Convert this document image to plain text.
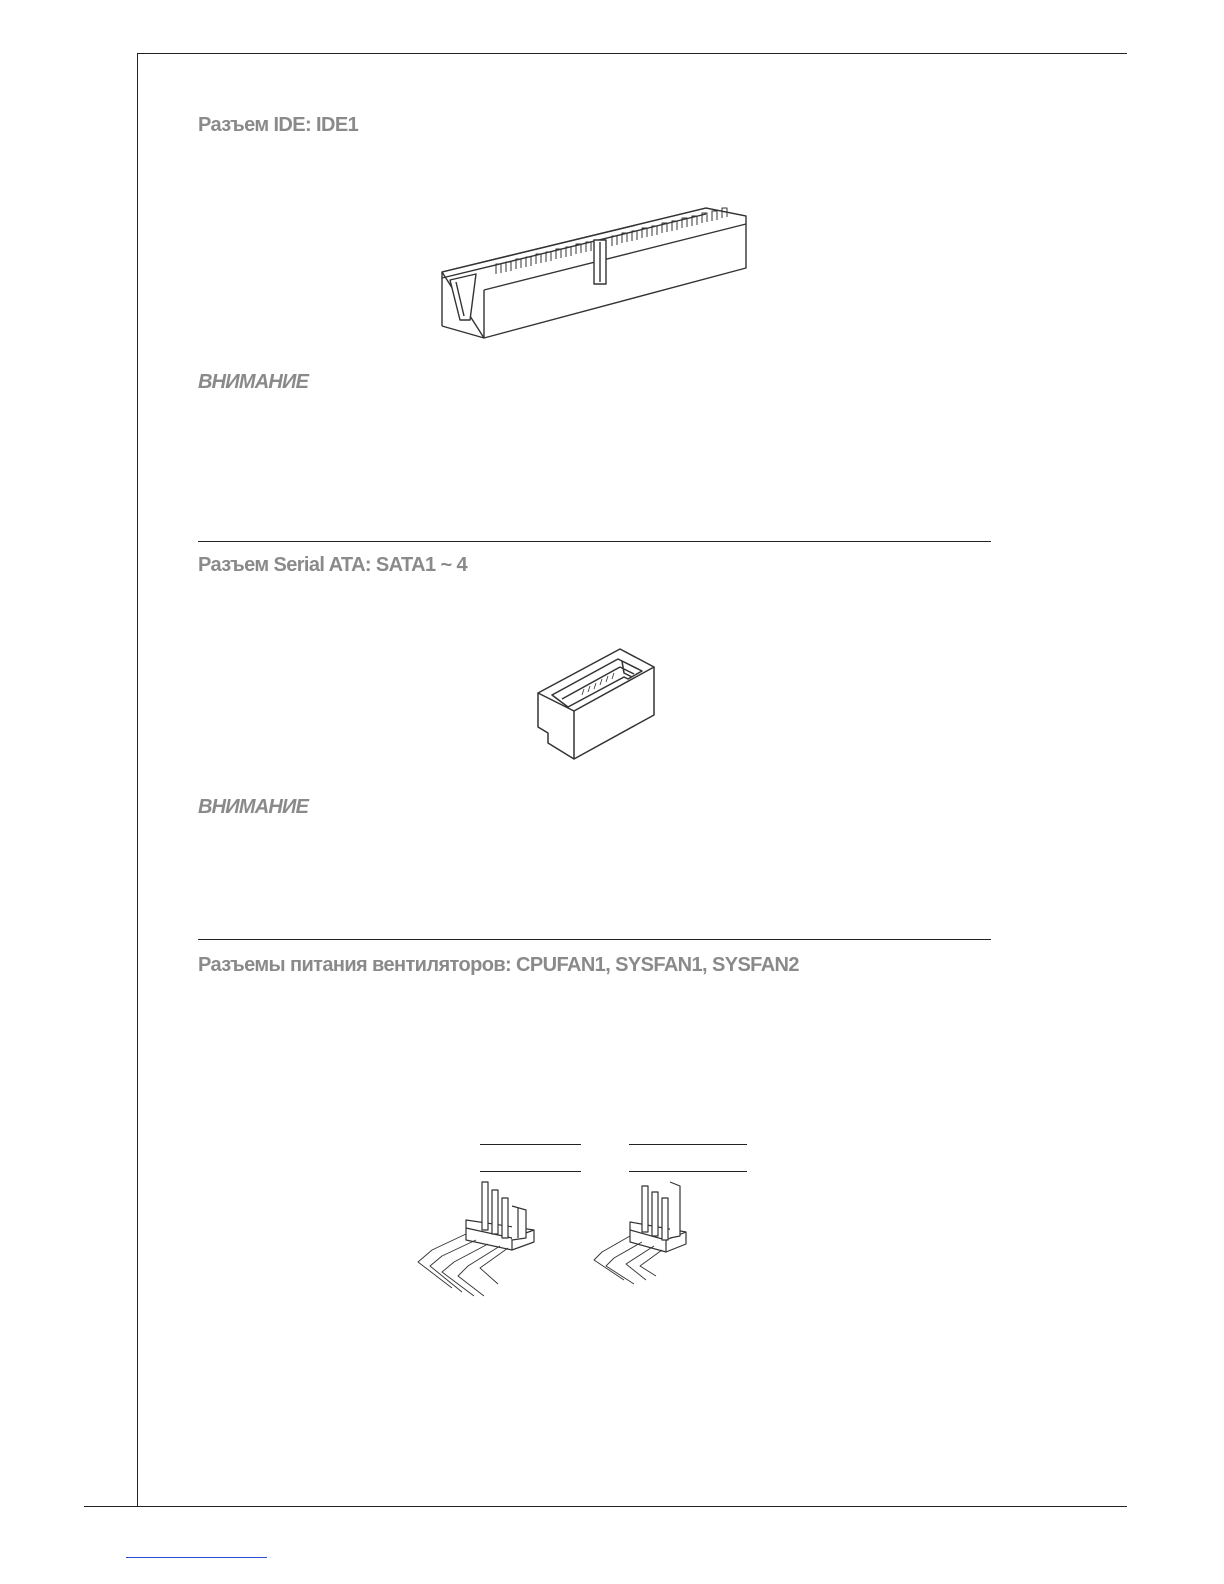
Разъем IDE: IDE1
ВНИМАНИЕ
Разъем Serial ATA: SATA1 ~ 4
ВНИМАНИЕ
Разъемы питания вентиляторов: CPUFAN1, SYSFAN1, SYSFAN2
